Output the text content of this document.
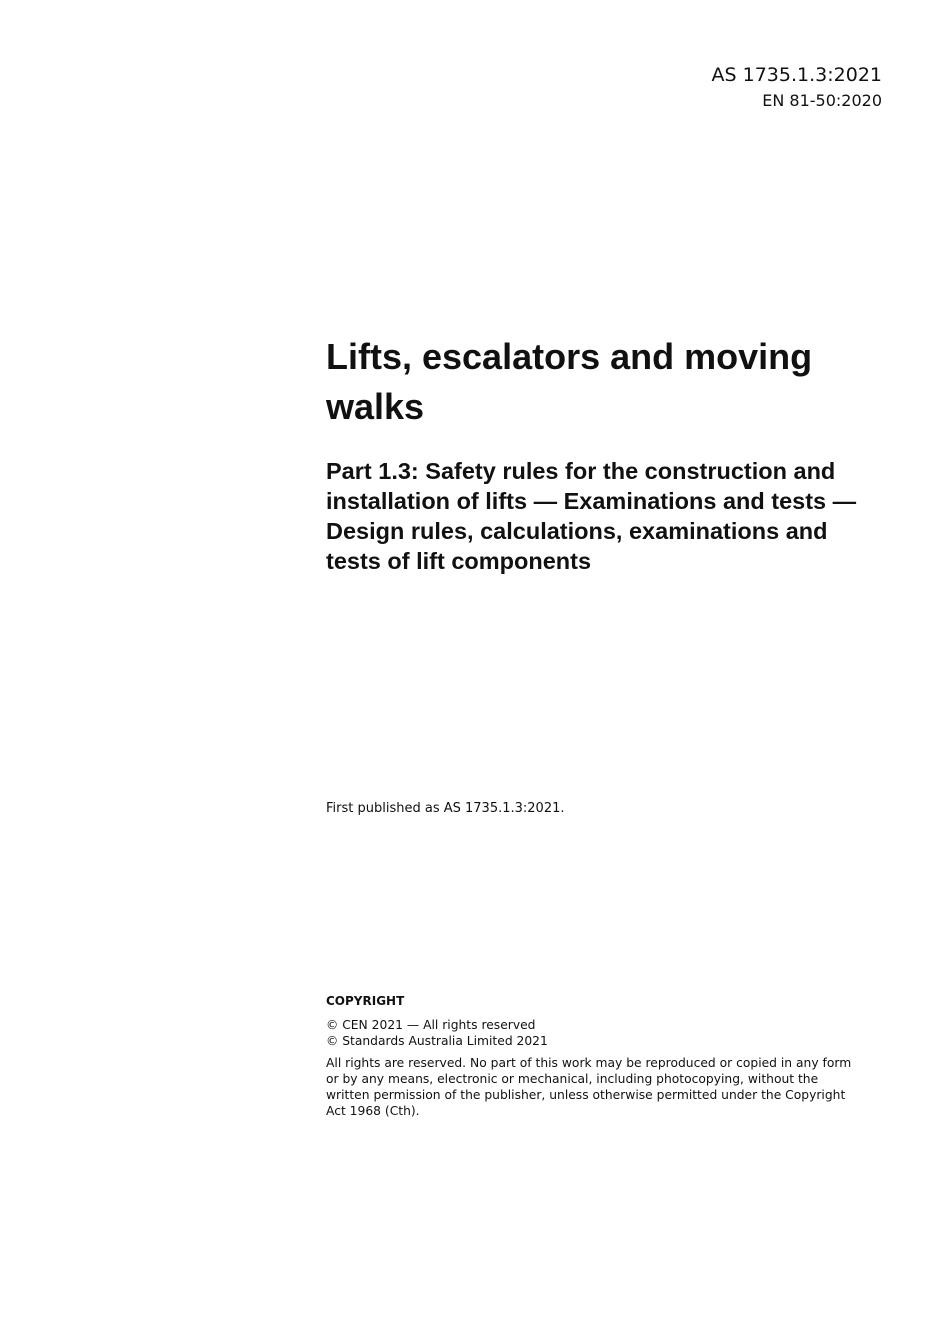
AS 1735.1.3:2021
EN 81-50:2020
Lifts, escalators and moving walks
Part 1.3: Safety rules for the construction and installation of lifts — Examinations and tests — Design rules, calculations, examinations and tests of lift components

First published as AS 1735.1.3:2021.

COPYRIGHT
© CEN 2021 — All rights reserved
© Standards Australia Limited 2021

All rights are reserved. No part of this work may be reproduced or copied in any form or by any means, electronic or mechanical, including photocopying, without the written permission of the publisher, unless otherwise permitted under the Copyright Act 1968 (Cth).
